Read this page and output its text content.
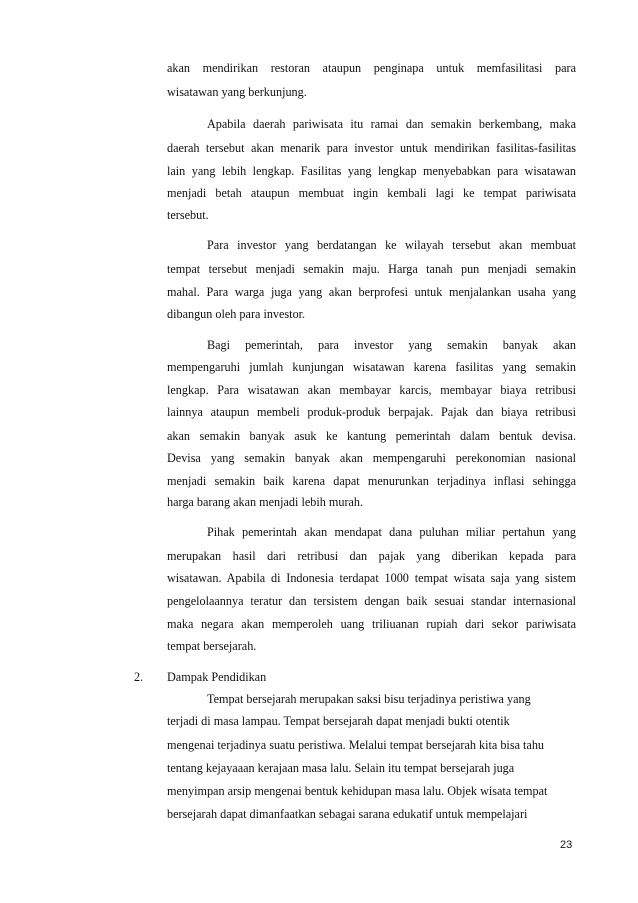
akan mendirikan restoran ataupun penginapa untuk memfasilitasi para
wisatawan yang berkunjung.
Apabila daerah pariwisata itu ramai dan semakin berkembang, maka
daerah tersebut akan menarik para investor untuk mendirikan fasilitas-fasilitas
lain yang lebih lengkap. Fasilitas yang lengkap menyebabkan para wisatawan
menjadi betah ataupun membuat ingin kembali lagi ke tempat pariwisata
tersebut.
Para investor yang berdatangan ke wilayah tersebut akan membuat
tempat tersebut menjadi semakin maju. Harga tanah pun menjadi semakin
mahal. Para warga juga yang akan berprofesi untuk menjalankan usaha yang
dibangun oleh para investor.
Bagi pemerintah, para investor yang semakin banyak akan
mempengaruhi jumlah kunjungan wisatawan karena fasilitas yang semakin
lengkap. Para wisatawan akan membayar karcis, membayar biaya retribusi
lainnya ataupun membeli produk-produk berpajak. Pajak dan biaya retribusi
akan semakin banyak asuk ke kantung pemerintah dalam bentuk devisa.
Devisa yang semakin banyak akan mempengaruhi perekonomian nasional
menjadi semakin baik karena dapat menurunkan terjadinya inflasi sehingga
harga barang akan menjadi lebih murah.
Pihak pemerintah akan mendapat dana puluhan miliar pertahun yang
merupakan hasil dari retribusi dan pajak yang diberikan kepada para
wisatawan. Apabila di Indonesia terdapat 1000 tempat wisata saja yang sistem
pengelolaannya teratur dan tersistem dengan baik sesuai standar internasional
maka negara akan memperoleh uang triliuanan rupiah dari sekor pariwisata
tempat bersejarah.
2. Dampak Pendidikan
Tempat bersejarah merupakan saksi bisu terjadinya peristiwa yang
terjadi di masa lampau. Tempat bersejarah dapat menjadi bukti otentik
mengenai terjadinya suatu peristiwa. Melalui tempat bersejarah kita bisa tahu
tentang kejayaaan kerajaan masa lalu. Selain itu tempat bersejarah juga
menyimpan arsip mengenai bentuk kehidupan masa lalu. Objek wisata tempat
bersejarah dapat dimanfaatkan sebagai sarana edukatif untuk mempelajari
23
